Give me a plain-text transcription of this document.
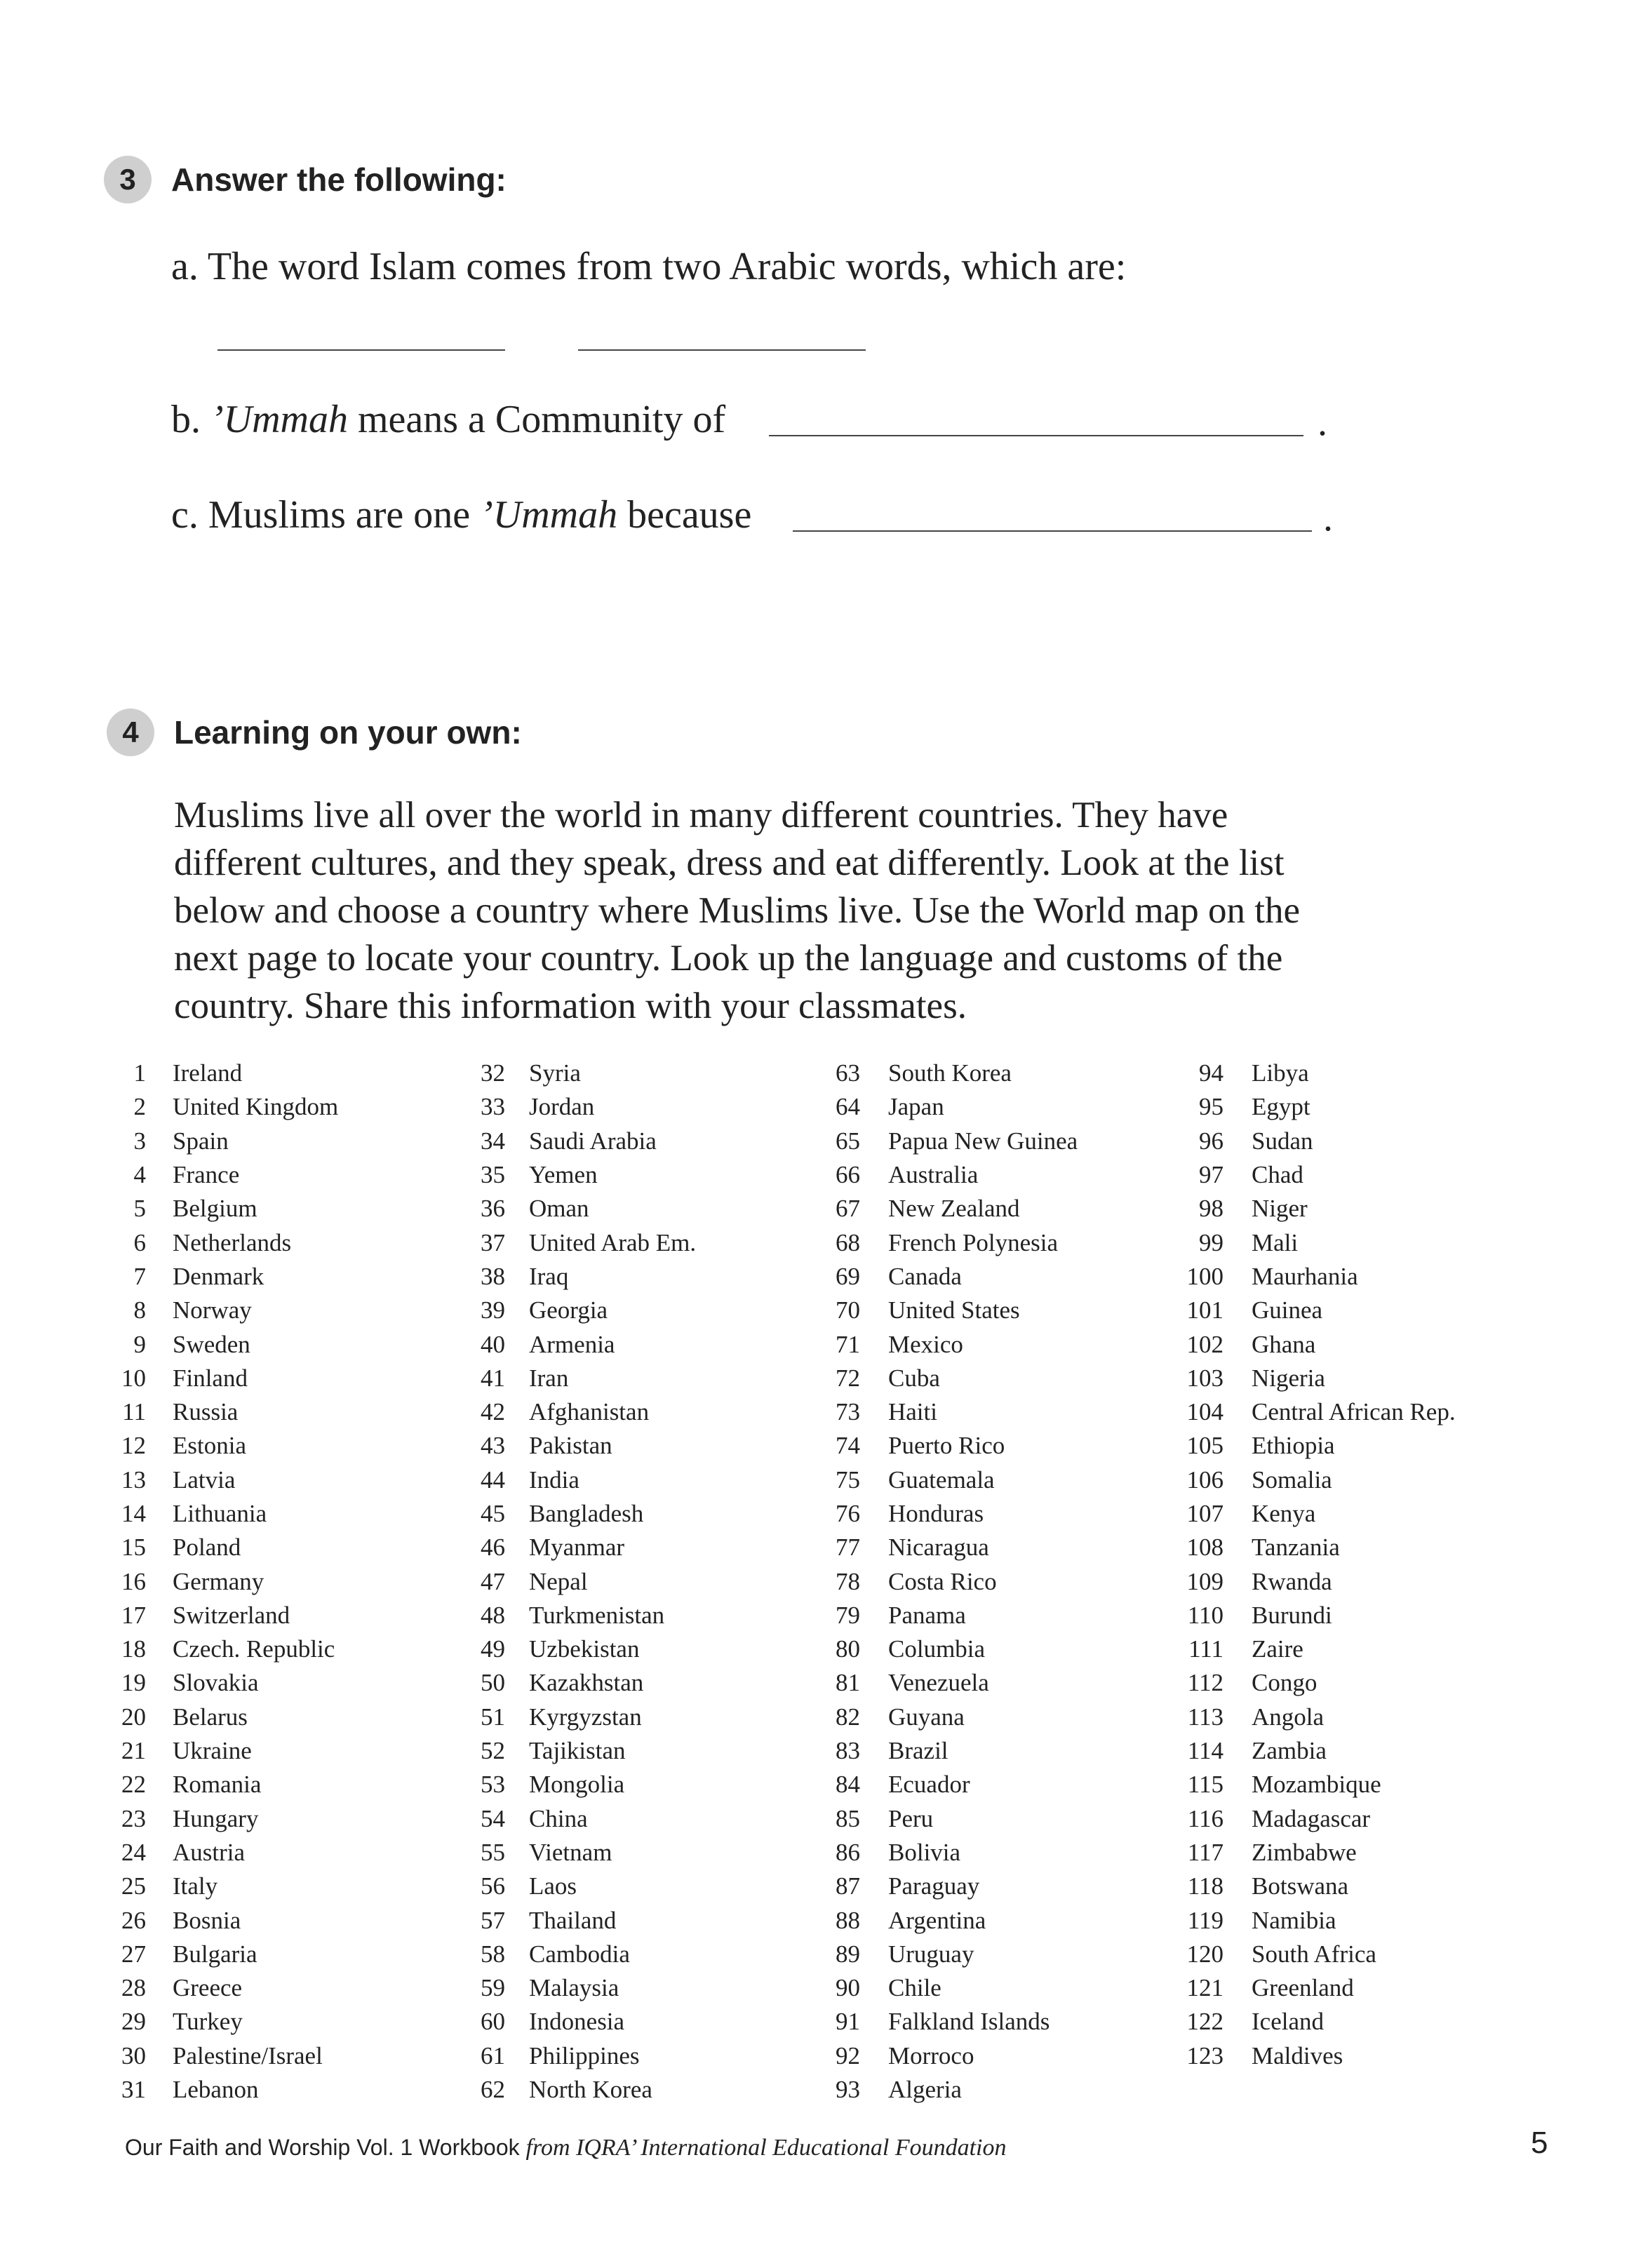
3	Answer the following:
a. The word Islam comes from two Arabic words, which are:
b. ’Ummah means a Community of	.
c. Muslims are one ’Ummah because	.
4	Learning on your own:

Muslims live all over the world in many different countries. They have

different cultures, and they speak, dress and eat differently. Look at the list

below and choose a country where Muslims live. Use the World map on the

next page to locate your country. Look up the language and customs of the

country. Share this information with your classmates.

1 Ireland
2 United Kingdom
3 Spain
4 France
5 Belgium
6 Netherlands
7 Denmark
8 Norway
9 Sweden
10 Finland
11 Russia
12 Estonia
13 Latvia
14 Lithuania
15 Poland
16 Germany
17 Switzerland
18 Czech. Republic
19 Slovakia
20 Belarus
21 Ukraine
22 Romania
23 Hungary
24 Austria
25 Italy
26 Bosnia
27 Bulgaria
28 Greece
29 Turkey
30 Palestine/Israel
31 Lebanon
32 Syria
33 Jordan
34 Saudi Arabia
35 Yemen
36 Oman
37 United Arab Em.
38 Iraq
39 Georgia
40 Armenia
41 Iran
42 Afghanistan
43 Pakistan
44 India
45 Bangladesh
46 Myanmar
47 Nepal
48 Turkmenistan
49 Uzbekistan
50 Kazakhstan
51 Kyrgyzstan
52 Tajikistan
53 Mongolia
54 China
55 Vietnam
56 Laos
57 Thailand
58 Cambodia
59 Malaysia
60 Indonesia
61 Philippines
62 North Korea
63 South Korea
64 Japan
65 Papua New Guinea
66 Australia
67 New Zealand
68 French Polynesia
69 Canada
70 United States
71 Mexico
72 Cuba
73 Haiti
74 Puerto Rico
75 Guatemala
76 Honduras
77 Nicaragua
78 Costa Rico
79 Panama
80 Columbia
81 Venezuela
82 Guyana
83 Brazil
84 Ecuador
85 Peru
86 Bolivia
87 Paraguay
88 Argentina
89 Uruguay
90 Chile
91 Falkland Islands
92 Morroco
93 Algeria
94 Libya
95 Egypt
96 Sudan
97 Chad
98 Niger
99 Mali
100 Maurhania
101 Guinea
102 Ghana
103 Nigeria
104 Central African Rep.
105 Ethiopia
106 Somalia
107 Kenya
108 Tanzania
109 Rwanda
110 Burundi
111 Zaire
112 Congo
113 Angola
114 Zambia
115 Mozambique
116 Madagascar
117 Zimbabwe
118 Botswana
119 Namibia
120 South Africa
121 Greenland
122 Iceland
123 Maldives
Our Faith and Worship Vol. 1 Workbook from IQRA’ International Educational Foundation	5
